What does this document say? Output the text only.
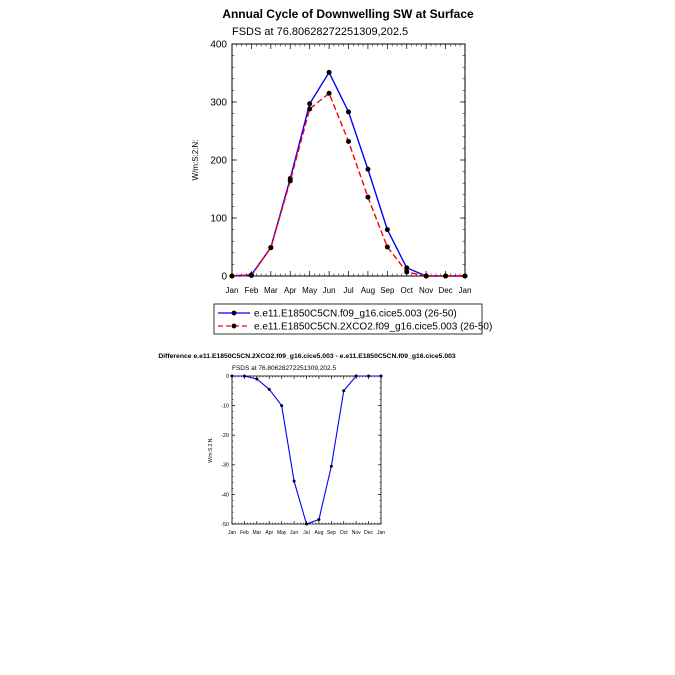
Annual Cycle of Downwelling SW at Surface
FSDS at 76.80628272251309,202.5
W/m:S:2:N:
Jan Feb Mar Apr May Jun Jul Aug Sep Oct Nov Dec Jan
0
100
200
300
400
e.e11.E1850C5CN.f09_g16.cice5.003 (26-50)
e.e11.E1850C5CN.2XCO2.f09_g16.cice5.003 (26-50)
Difference e.e11.E1850C5CN.2XCO2.f09_g16.cice5.003 - e.e11.E1850C5CN.f09_g16.cice5.003
FSDS at 76.80628272251309,202.5
W/m:S:2:N:
Jan Feb Mar Apr May Jun Jul Aug Sep Oct Nov Dec Jan
0
-10
-20
-30
-40
-50
